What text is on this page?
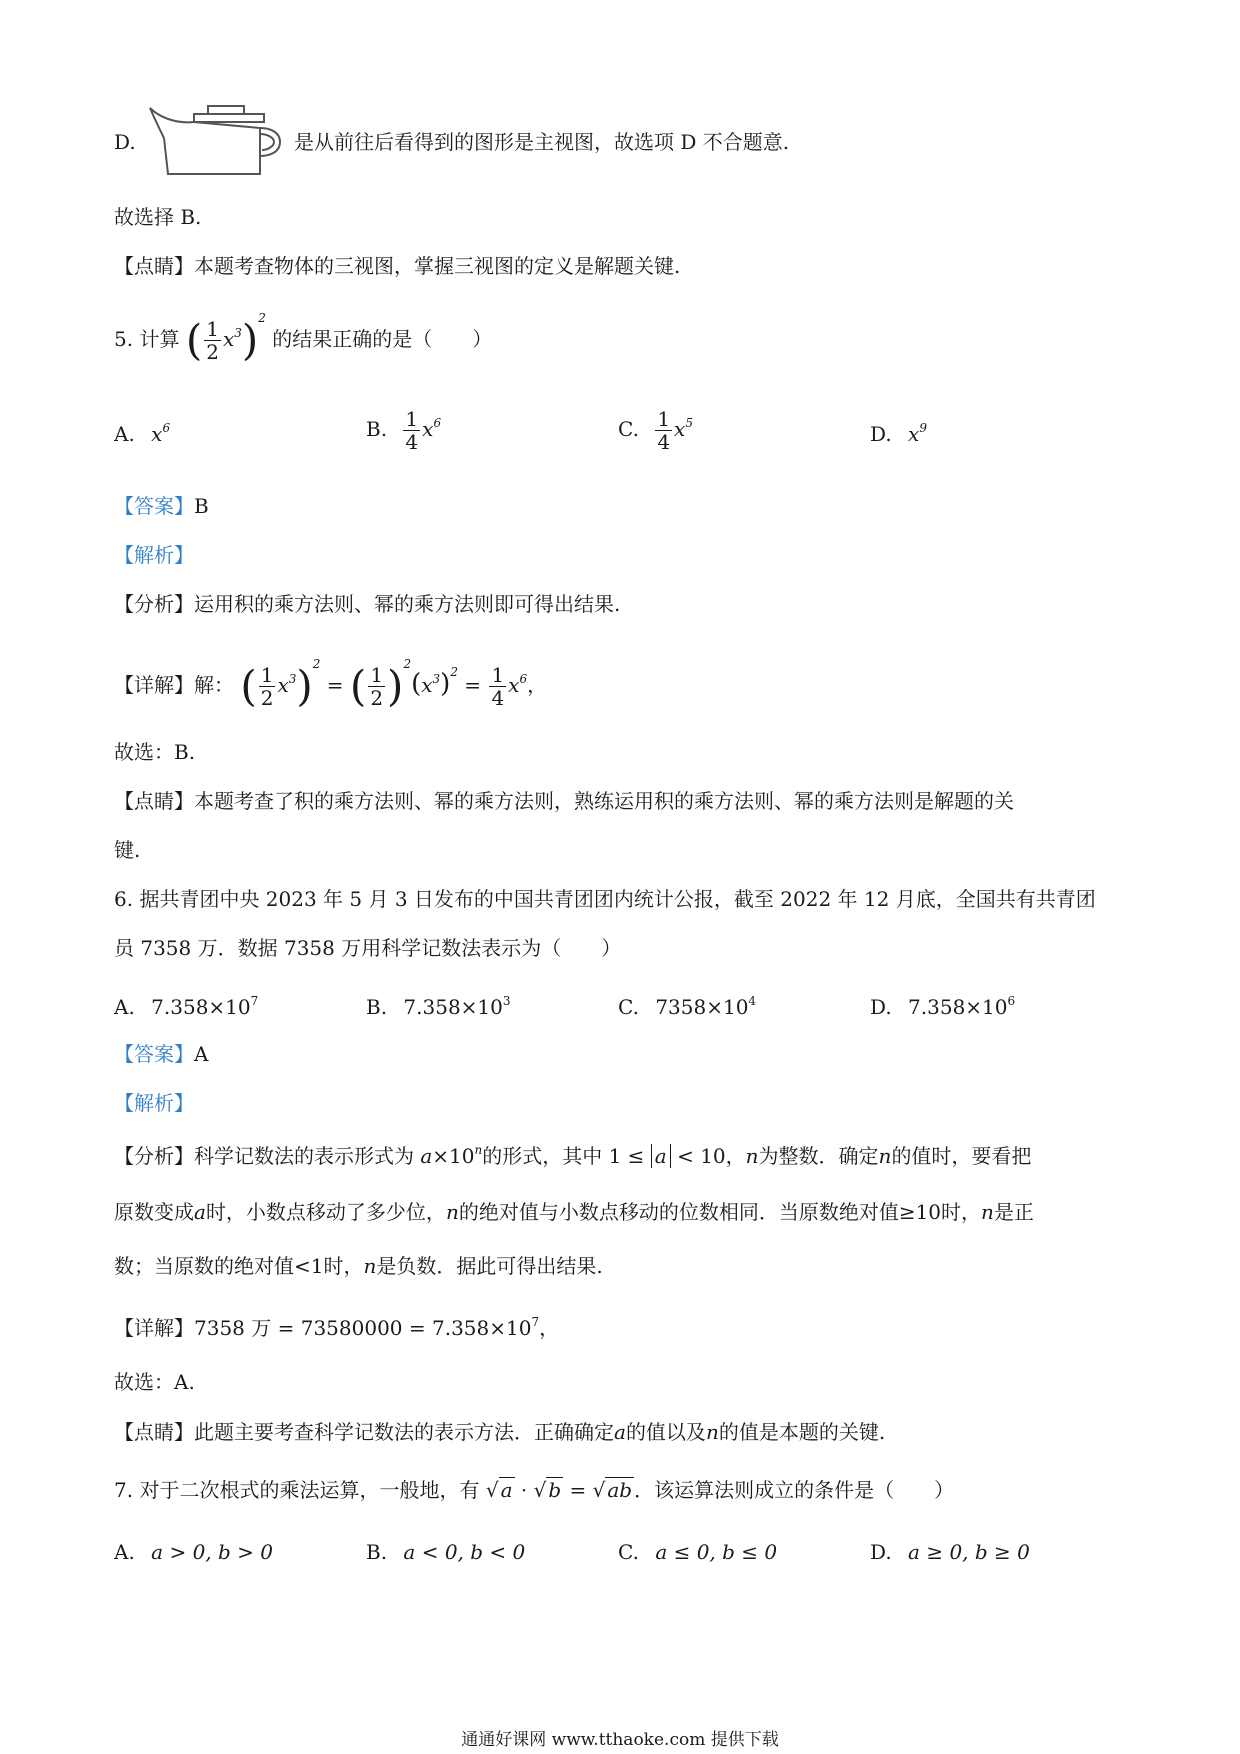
D.	是从前往后看得到的图形是主视图，故选项 D 不合题意.
故选择 B.
【点睛】本题考查物体的三视图，掌握三视图的定义是解题关键.
5. 计算 ( $\frac{1}{2} x^3)^2$ 的结果正确的是（　　）
A. $x^6$	B. $\frac{1}{4} x^6$	C. $\frac{1}{4} x^5$	D. $x^9$
【答案】B
【解析】
【分析】运用积的乘方法则、幂的乘方法则即可得出结果.
【详解】解： ( $\frac{1}{2} x^3)^2$ = ( $\frac{1}{2} )^2(x^3)^2 = \frac{1}{4} x^6$，
故选：B.
【点睛】本题考查了积的乘方法则、幂的乘方法则，熟练运用积的乘方法则、幂的乘方法则是解题的关
键.
6. 据共青团中央 2023 年 5 月 3 日发布的中国共青团团内统计公报，截至 2022 年 12 月底，全国共有共青团
员 7358 万．数据 7358 万用科学记数法表示为（　　）
A. $7.358\times 10^7$	B. $7.358\times 10^3$	C. $7358\times 10^4$	D. $7.358\times 10^6$
【答案】A
【解析】
【分析】科学记数法的表示形式为 $a\times 10^n$的形式，其中 1 ≤ a < 10，n为整数．确定n的值时，要看把
原数变成a时，小数点移动了多少位，n的绝对值与小数点移动的位数相同．当原数绝对值≥10时，n是正
数；当原数的绝对值<1时，n是负数．据此可得出结果.
【详解】7358 万 = $73580000 = 7.358\times 10^7$，
故选：A.
【点睛】此题主要考查科学记数法的表示方法．正确确定a的值以及n的值是本题的关键.
7. 对于二次根式的乘法运算，一般地，有 √ a · √ b = √ ab ．该运算法则成立的条件是（　　）
A. a > 0, b > 0	B. a < 0, b < 0	C. a ≤ 0, b ≤ 0	D. a ≥ 0, b ≥ 0
通通好课网 www.tthaoke.com 提供下载
